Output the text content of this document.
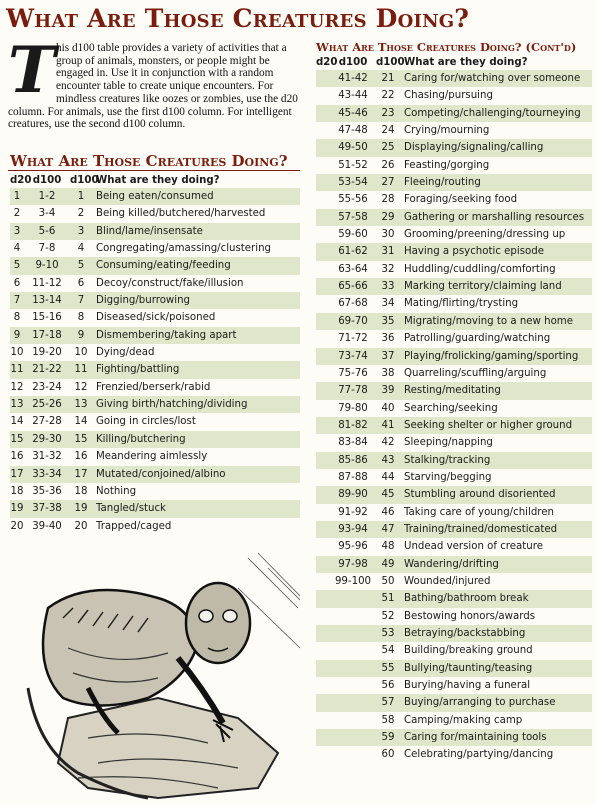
What Are Those Creatures Doing?
This d100 table provides a variety of activities that a group of animals, monsters, or people might be engaged in. Use it in conjunction with a random encounter table to create unique encounters. For mindless creatures like oozes or zombies, use the d20 column. For animals, use the first d100 column. For intelligent creatures, use the second d100 column.
What Are Those Creatures Doing?
d20d100 d100What are they doing?
1 1-2 1 Being eaten/consumed
2 3-4 2 Being killed/butchered/harvested
3 5-6 3 Blind/lame/insensate
4 7-8 4 Congregating/amassing/clustering
5 9-10 5 Consuming/eating/feeding
6 11-12 6 Decoy/construct/fake/illusion
7 13-14 7 Digging/burrowing
8 15-16 8 Diseased/sick/poisoned
9 17-18 9 Dismembering/taking apart
10 19-20 10 Dying/dead
11 21-22 11 Fighting/battling
12 23-24 12 Frenzied/berserk/rabid
13 25-26 13 Giving birth/hatching/dividing
14 27-28 14 Going in circles/lost
15 29-30 15 Killing/butchering
16 31-32 16 Meandering aimlessly
17 33-34 17 Mutated/conjoined/albino
18 35-36 18 Nothing
19 37-38 19 Tangled/stuck
20 39-40 20 Trapped/caged
What Are Those Creatures Doing? (Cont'd)
d20d100 d100What are they doing?
41-42 21 Caring for/watching over someone
43-44 22 Chasing/pursuing
45-46 23 Competing/challenging/tourneying
47-48 24 Crying/mourning
49-50 25 Displaying/signaling/calling
51-52 26 Feasting/gorging
53-54 27 Fleeing/routing
55-56 28 Foraging/seeking food
57-58 29 Gathering or marshalling resources
59-60 30 Grooming/preening/dressing up
61-62 31 Having a psychotic episode
63-64 32 Huddling/cuddling/comforting
65-66 33 Marking territory/claiming land
67-68 34 Mating/flirting/trysting
69-70 35 Migrating/moving to a new home
71-72 36 Patrolling/guarding/watching
73-74 37 Playing/frolicking/gaming/sporting
75-76 38 Quarreling/scuffling/arguing
77-78 39 Resting/meditating
79-80 40 Searching/seeking
81-82 41 Seeking shelter or higher ground
83-84 42 Sleeping/napping
85-86 43 Stalking/tracking
87-88 44 Starving/begging
89-90 45 Stumbling around disoriented
91-92 46 Taking care of young/children
93-94 47 Training/trained/domesticated
95-96 48 Undead version of creature
97-98 49 Wandering/drifting
99-100 50 Wounded/injured
51 Bathing/bathroom break
52 Bestowing honors/awards
53 Betraying/backstabbing
54 Building/breaking ground
55 Bullying/taunting/teasing
56 Burying/having a funeral
57 Buying/arranging to purchase
58 Camping/making camp
59 Caring for/maintaining tools
60 Celebrating/partying/dancing
